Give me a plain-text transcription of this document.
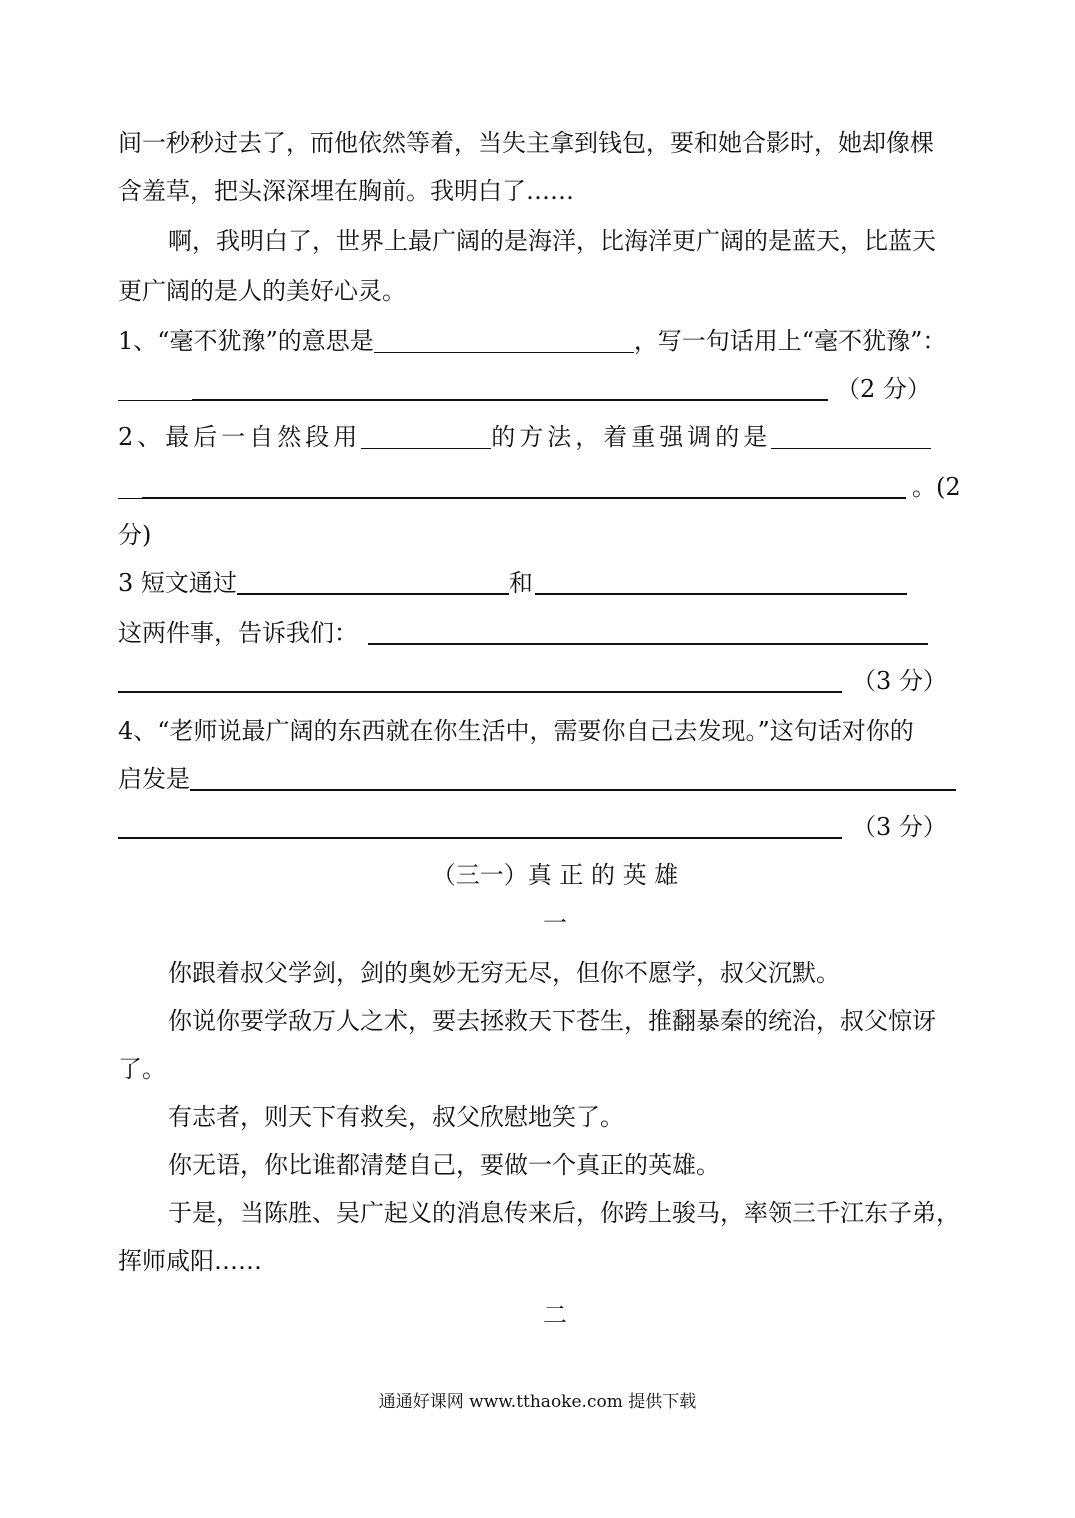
间一秒秒过去了，而他依然等着，当失主拿到钱包，要和她合影时，她却像棵
含羞草，把头深深埋在胸前。我明白了……
啊，我明白了，世界上最广阔的是海洋，比海洋更广阔的是蓝天，比蓝天
更广阔的是人的美好心灵。
1、“毫不犹豫”的意思是	，写一句话用上“毫不犹豫”：
（2 分）
2、最后一自然段用	的方法，着重强调的是
。(2
分)
3 短文通过	和
这两件事，告诉我们：
（3 分）
4、“老师说最广阔的东西就在你生活中，需要你自己去发现。”这句话对你的
启发是
（3 分）
（三一）真 正 的 英 雄
一
你跟着叔父学剑，剑的奥妙无穷无尽，但你不愿学，叔父沉默。
你说你要学敌万人之术，要去拯救天下苍生，推翻暴秦的统治，叔父惊讶
了。
有志者，则天下有救矣，叔父欣慰地笑了。
你无语，你比谁都清楚自己，要做一个真正的英雄。
于是，当陈胜、吴广起义的消息传来后，你跨上骏马，率领三千江东子弟，
挥师咸阳……
二
通通好课网 www.tthaoke.com 提供下载
